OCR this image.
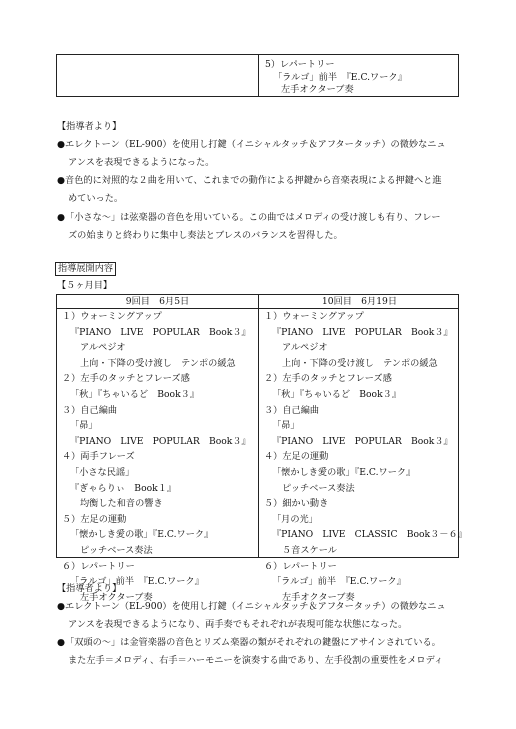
5）レパートリー
「ラルゴ」前半　『E.C.ワーク』
左手オクターブ奏
【指導者より】
●エレクトーン（EL-900）を使用し打鍵（イニシャルタッチ＆アフタータッチ）の微妙なニュ
アンスを表現できるようになった。
●音色的に対照的な２曲を用いて、これまでの動作による押鍵から音楽表現による押鍵へと進
めていった。
●「小さな〜」は弦楽器の音色を用いている。この曲ではメロディの受け渡しも有り、フレー
ズの始まりと終わりに集中し奏法とブレスのバランスを習得した。
指導展開内容
【５ヶ月目】
9回目　6月5日	10回目　6月19日
１）ウォーミングアップ
『PIANO　LIVE　POPULAR　Book３』
アルペジオ
上向・下降の受け渡し　テンポの緩急
２）左手のタッチとフレーズ感
「秋」『ちゃいるど　Book３』
３）自己編曲
「昴」
『PIANO　LIVE　POPULAR　Book３』
４）両手フレーズ
「小さな民謡」
『ぎゃらりぃ　Book１』
均衡した和音の響き
５）左足の運動
「懐かしき愛の歌」『E.C.ワーク』
ピッチベース奏法
６）レパートリー
「ラルゴ」前半　『E.C.ワーク』
左手オクターブ奏
１）ウォーミングアップ
『PIANO　LIVE　POPULAR　Book３』
アルペジオ
上向・下降の受け渡し　テンポの緩急
２）左手のタッチとフレーズ感
「秋」『ちゃいるど　Book３』
３）自己編曲
「昴」
『PIANO　LIVE　POPULAR　Book３』
４）左足の運動
「懐かしき愛の歌」『E.C.ワーク』
ピッチベース奏法
５）細かい動き
「月の光」
『PIANO　LIVE　CLASSIC　Book３－６』
５音スケール
６）レパートリー
「ラルゴ」前半　『E.C.ワーク』
左手オクターブ奏
【指導者より】
●エレクトーン（EL-900）を使用し打鍵（イニシャルタッチ＆アフタータッチ）の微妙なニュ
アンスを表現できるようになり、両手奏でもそれぞれが表現可能な状態になった。
●「双頭の〜」は金管楽器の音色とリズム楽器の類がそれぞれの鍵盤にアサインされている。
また左手＝メロディ、右手＝ハーモニーを演奏する曲であり、左手役割の重要性をメロディ
